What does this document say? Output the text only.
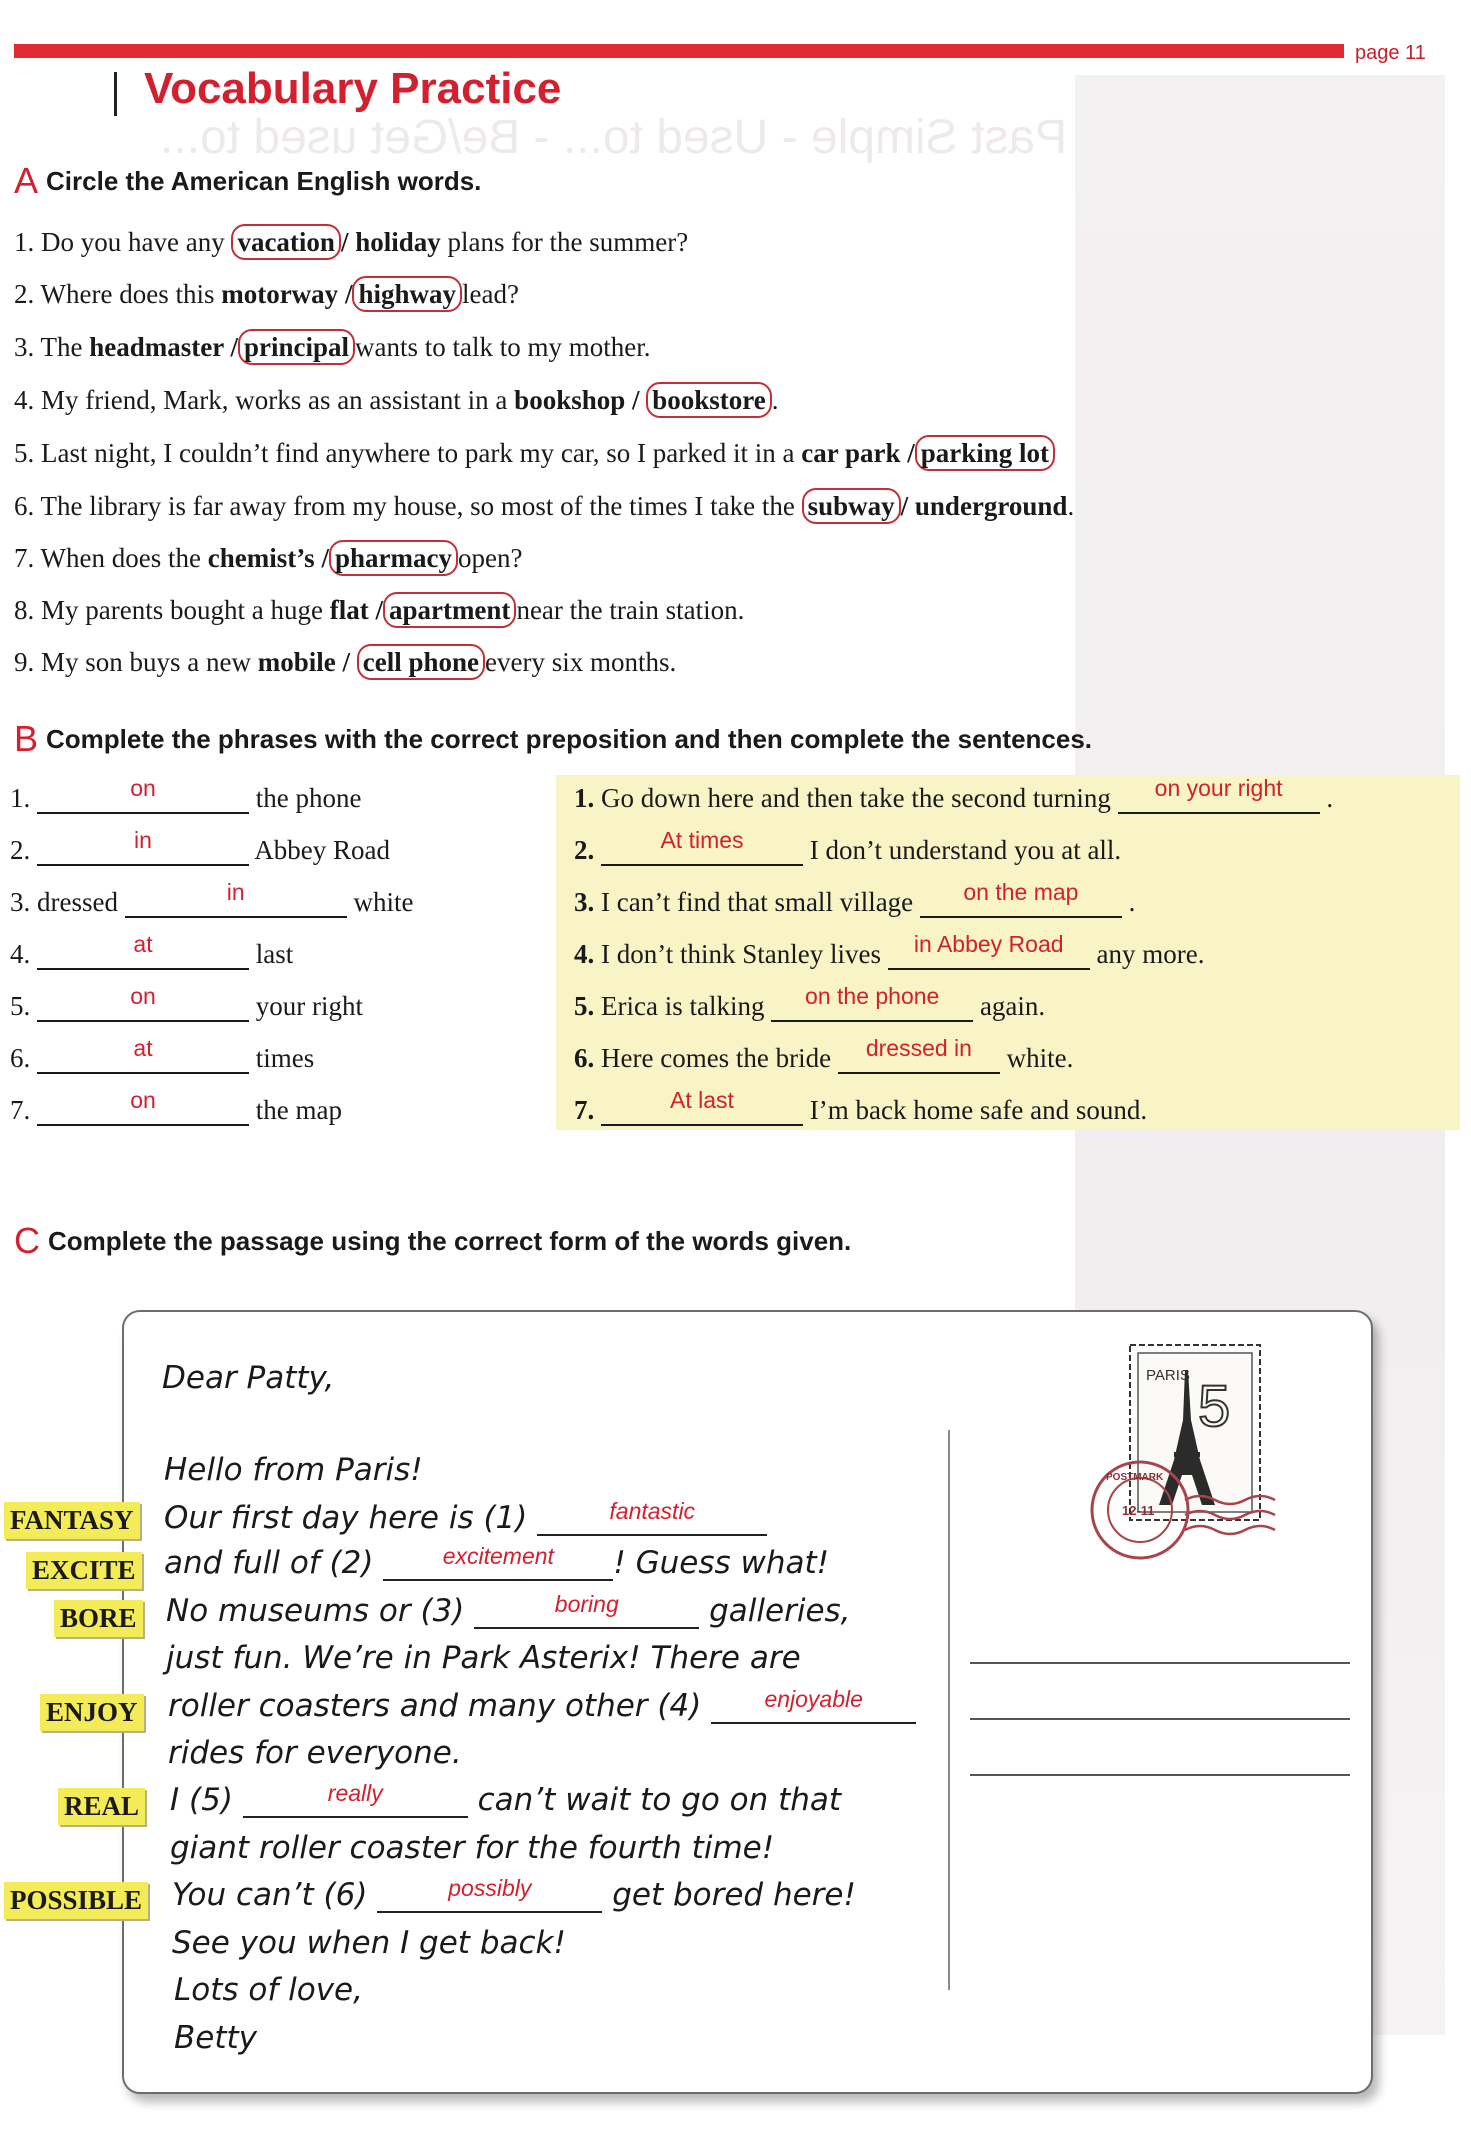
Past Simple - Used to... - Be/Get used to...
page 11
Vocabulary Practice
A Circle the American English words.
1. Do you have any vacation / holiday plans for the summer?
2. Where does this motorway / highway lead?
3. The headmaster / principal wants to talk to my mother.
4. My friend, Mark, works as an assistant in a bookshop / bookstore .
5. Last night, I couldn’t find anywhere to park my car, so I parked it in a car park / parking lot
6. The library is far away from my house, so most of the times I take the subway / underground.
7. When does the chemist’s / pharmacy open?
8. My parents bought a huge flat / apartment near the train station.
9. My son buys a new mobile / cell phone every six months.
B Complete the phrases with the correct preposition and then complete the sentences.
1.	on	the phone
2.	in	Abbey Road
3. dressed	in	white
4.	at	last
5.	on	your right
6.	at	times
7.	on	the map
1. Go down here and then take the second turning on your right .
2.	At times I don’t understand you at all.
3. I can’t find that small village on the map .
4. I don’t think Stanley lives in Abbey Road any more.
5. Erica is talking on the phone again.
6. Here comes the bride dressed in white.
7.	At last	I’m back home safe and sound.
C Complete the passage using the correct form of the words given.
PARIS 5
12-11
POSTMARK
FANTASY
EXCITE
BORE
ENJOY
REAL
POSSIBLE
Dear Patty,
Hello from Paris!
Our first day here is (1)	$^{fantastic}$
and full of (2)	$^{excitement}$ ! Guess what!
No museums or (3)	$^{boring}$	galleries,
just fun. We’re in Park Asterix! There are
roller coasters and many other (4)	$^{enjoyable}$
rides for everyone.
I (5)	$^{really}$	can’t wait to go on that
giant roller coaster for the fourth time!
You can’t (6)	$^{possibly}$	get bored here!
See you when I get back!
Lots of love,
Betty
